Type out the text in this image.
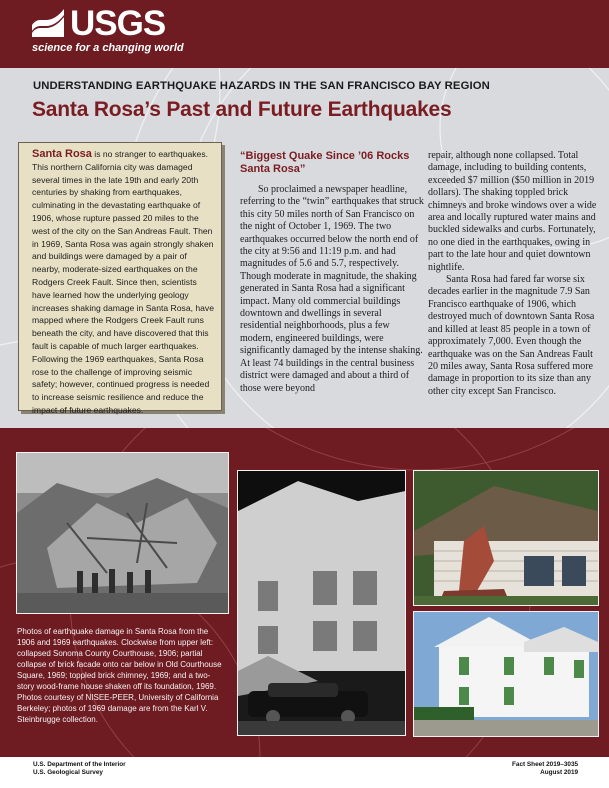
USGS
science for a changing world
UNDERSTANDING EARTHQUAKE HAZARDS IN THE SAN FRANCISCO BAY REGION
Santa Rosa’s Past and Future Earthquakes
Santa Rosa is no stranger to earthquakes. This northern California city was damaged several times in the late 19th and early 20th centuries by shaking from earthquakes, culminating in the devastating earthquake of 1906, whose rupture passed 20 miles to the west of the city on the San Andreas Fault. Then in 1969, Santa Rosa was again strongly shaken and buildings were damaged by a pair of nearby, moderate-sized earthquakes on the Rodgers Creek Fault. Since then, scientists have learned how the underlying geology increases shaking damage in Santa Rosa, have mapped where the Rodgers Creek Fault runs beneath the city, and have discovered that this fault is capable of much larger earthquakes. Following the 1969 earthquakes, Santa Rosa rose to the challenge of improving seismic safety; however, continued progress is needed to increase seismic resilience and reduce the impact of future earthquakes.
“Biggest Quake Since ’06 Rocks Santa Rosa”
So proclaimed a newspaper headline, referring to the “twin” earthquakes that struck this city 50 miles north of San Francisco on the night of October 1, 1969. The two earthquakes occurred below the north end of the city at 9:56 and 11:19 p.m. and had magnitudes of 5.6 and 5.7, respectively. Though moderate in magnitude, the shaking generated in Santa Rosa had a significant impact. Many old commercial buildings downtown and dwellings in several residential neighborhoods, plus a few modern, engineered buildings, were significantly damaged by the intense shaking. At least 74 buildings in the central business district were damaged and about a third of those were beyond
repair, although none collapsed. Total damage, including to building contents, exceeded $7 million ($50 million in 2019 dollars). The shaking toppled brick chimneys and broke windows over a wide area and locally ruptured water mains and buckled sidewalks and curbs. Fortunately, no one died in the earthquakes, owing in part to the late hour and quiet downtown nightlife.
Santa Rosa had fared far worse six decades earlier in the magnitude 7.9 San Francisco earthquake of 1906, which destroyed much of downtown Santa Rosa and killed at least 85 people in a town of approximately 7,000. Even though the earthquake was on the San Andreas Fault 20 miles away, Santa Rosa suffered more damage in proportion to its size than any other city except San Francisco.
Photos of earthquake damage in Santa Rosa from the 1906 and 1969 earthquakes. Clockwise from upper left: collapsed Sonoma County Courthouse, 1906; partial collapse of brick facade onto car below in Old Courthouse Square, 1969; toppled brick chimney, 1969; and a two-story wood-frame house shaken off its foundation, 1969. Photos courtesy of NISEE-PEER, University of California Berkeley; photos of 1969 damage are from the Karl V. Steinbrugge collection.
U.S. Department of the Interior
U.S. Geological Survey
Fact Sheet 2019–3035
August 2019
